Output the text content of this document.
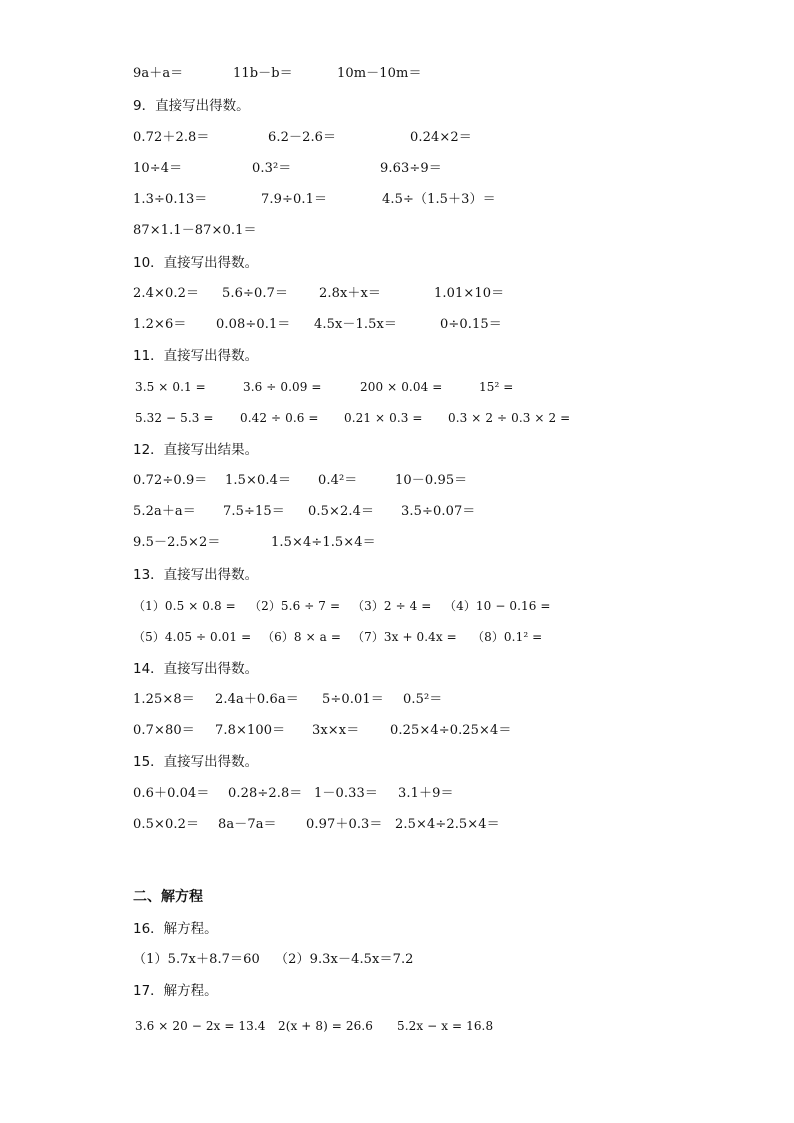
9a＋a＝	11b－b＝	10m－10m＝
9．直接写出得数。
0.72＋2.8＝	6.2－2.6＝	0.24×2＝
10÷4＝	0.3²＝	9.63÷9＝
1.3÷0.13＝	7.9÷0.1＝	4.5÷（1.5＋3）＝
87×1.1－87×0.1＝
10．直接写出得数。
2.4×0.2＝ 5.6÷0.7＝ 2.8x＋x＝	1.01×10＝
1.2×6＝ 0.08÷0.1＝ 4.5x－1.5x＝	0÷0.15＝
11．直接写出得数。
3.5 × 0.1 =	3.6 ÷ 0.09 =	200 × 0.04 =	15² =
5.32 − 5.3 = 0.42 ÷ 0.6 = 0.21 × 0.3 = 0.3 × 2 ÷ 0.3 × 2 =
12．直接写出结果。
0.72÷0.9＝ 1.5×0.4＝ 0.4²＝	10－0.95＝
5.2a＋a＝ 7.5÷15＝ 0.5×2.4＝ 3.5÷0.07＝
9.5－2.5×2＝	1.5×4÷1.5×4＝
13．直接写出得数。
（1）0.5 × 0.8 = （2）5.6 ÷ 7 = （3）2 ÷ 4 = （4）10 − 0.16 =
（5）4.05 ÷ 0.01 = （6）8 × a = （7）3x + 0.4x = （8）0.1² =
14．直接写出得数。
1.25×8＝ 2.4a＋0.6a＝ 5÷0.01＝ 0.5²＝
0.7×80＝ 7.8×100＝ 3x×x＝ 0.25×4÷0.25×4＝
15．直接写出得数。
0.6＋0.04＝ 0.28÷2.8＝ 1－0.33＝ 3.1＋9＝
0.5×0.2＝ 8a－7a＝ 0.97＋0.3＝ 2.5×4÷2.5×4＝
二、解方程
16．解方程。
（1）5.7x＋8.7＝60 （2）9.3x－4.5x＝7.2
17．解方程。
3.6 × 20 − 2x = 13.4 2(x + 8) = 26.6 5.2x − x = 16.8
